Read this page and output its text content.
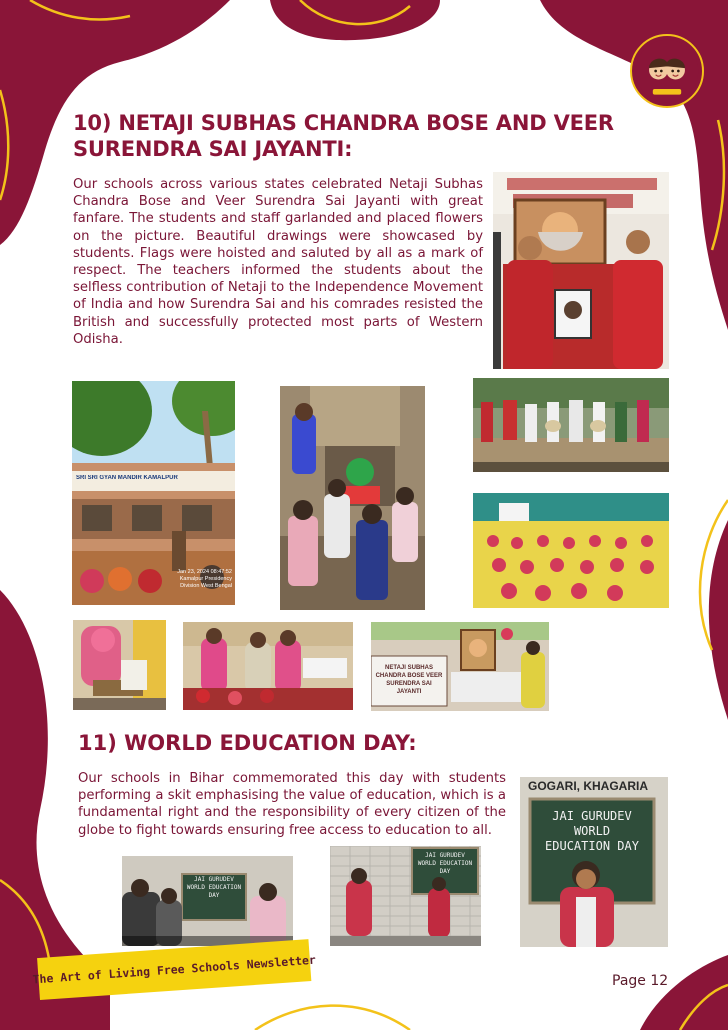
10) NETAJI SUBHAS CHANDRA BOSE AND VEER SURENDRA SAI JAYANTI:

Our schools across various states celebrated Netaji Subhas Chandra Bose and Veer Surendra Sai Jayanti with great fanfare. The students and staff garlanded and placed flowers on the picture. Beautiful drawings were showcased by students. Flags were hoisted and saluted by all as a mark of respect. The teachers informed the students about the selfless contribution of Netaji to the Independence Movement of India and how Surendra Sai and his comrades resisted the British and successfully protected most parts of Western Odisha.

SRI SRI GYAN MANDIR KAMALPUR
Jan 23, 2024 08:47:52 Kamalpur Presidency Division West Bengal
NETAJI SUBHAS CHANDRA BOSE VEER SURENDRA SAI JAYANTI
11) WORLD EDUCATION DAY:

Our schools in Bihar commemorated this day with students performing a skit emphasising the value of education, which is a fundamental right and the responsibility of every citizen of the globe to fight towards ensuring free access to education to all.

GOGARI, KHAGARIA
JAI GURUDEV WORLD EDUCATION DAY
JAI GURUDEV WORLD EDUCATION DAY
JAI GURUDEV WORLD EDUCATION DAY
The Art of Living Free Schools Newsletter	Page 12
